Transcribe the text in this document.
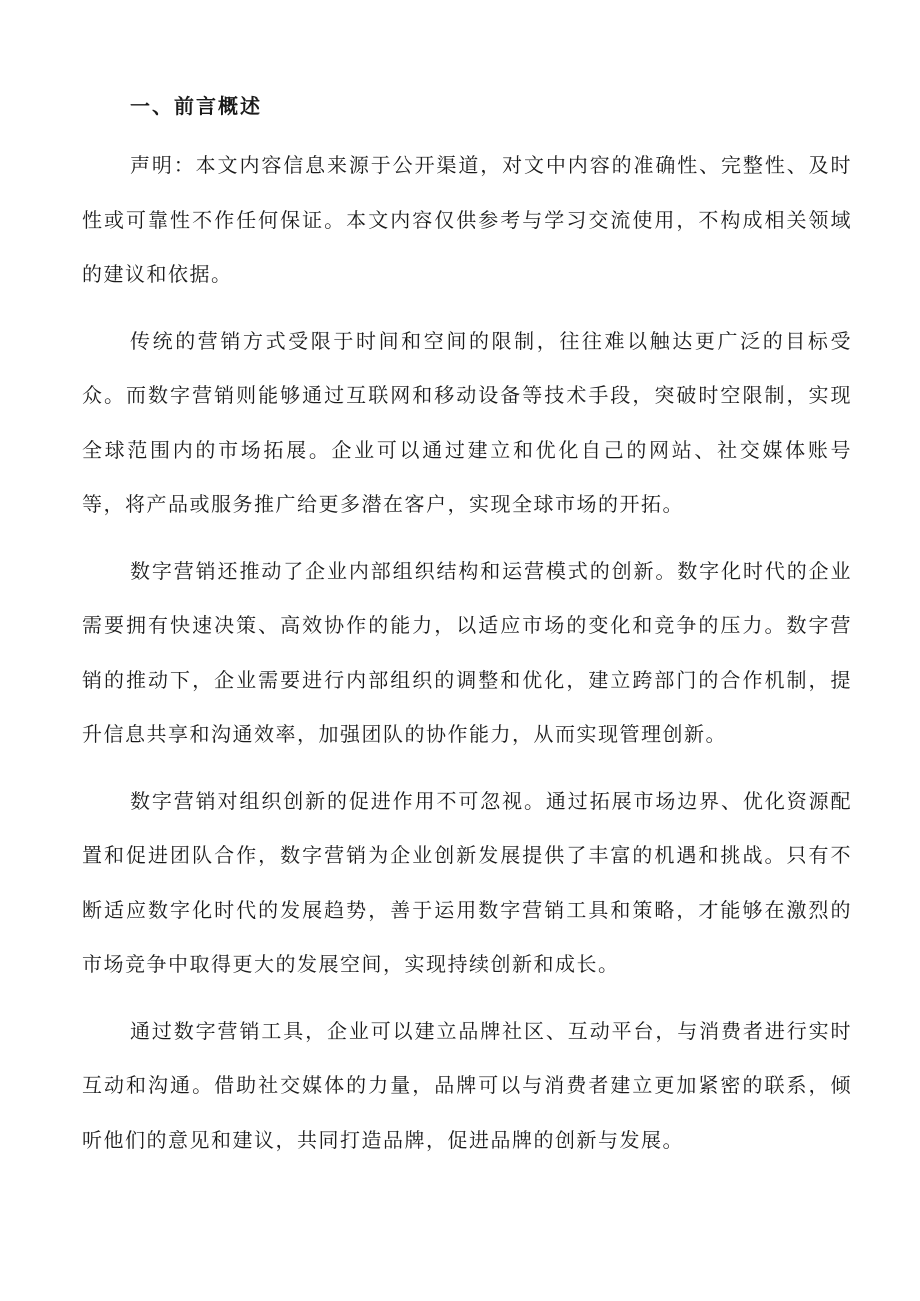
一、前言概述

声明：本文内容信息来源于公开渠道，对文中内容的准确性、完整性、及时性或可靠性不作任何保证。本文内容仅供参考与学习交流使用，不构成相关领域的建议和依据。

传统的营销方式受限于时间和空间的限制，往往难以触达更广泛的目标受众。而数字营销则能够通过互联网和移动设备等技术手段，突破时空限制，实现全球范围内的市场拓展。企业可以通过建立和优化自己的网站、社交媒体账号等，将产品或服务推广给更多潜在客户，实现全球市场的开拓。

数字营销还推动了企业内部组织结构和运营模式的创新。数字化时代的企业需要拥有快速决策、高效协作的能力，以适应市场的变化和竞争的压力。数字营销的推动下，企业需要进行内部组织的调整和优化，建立跨部门的合作机制，提升信息共享和沟通效率，加强团队的协作能力，从而实现管理创新。

数字营销对组织创新的促进作用不可忽视。通过拓展市场边界、优化资源配置和促进团队合作，数字营销为企业创新发展提供了丰富的机遇和挑战。只有不断适应数字化时代的发展趋势，善于运用数字营销工具和策略，才能够在激烈的市场竞争中取得更大的发展空间，实现持续创新和成长。

通过数字营销工具，企业可以建立品牌社区、互动平台，与消费者进行实时互动和沟通。借助社交媒体的力量，品牌可以与消费者建立更加紧密的联系，倾听他们的意见和建议，共同打造品牌，促进品牌的创新与发展。
